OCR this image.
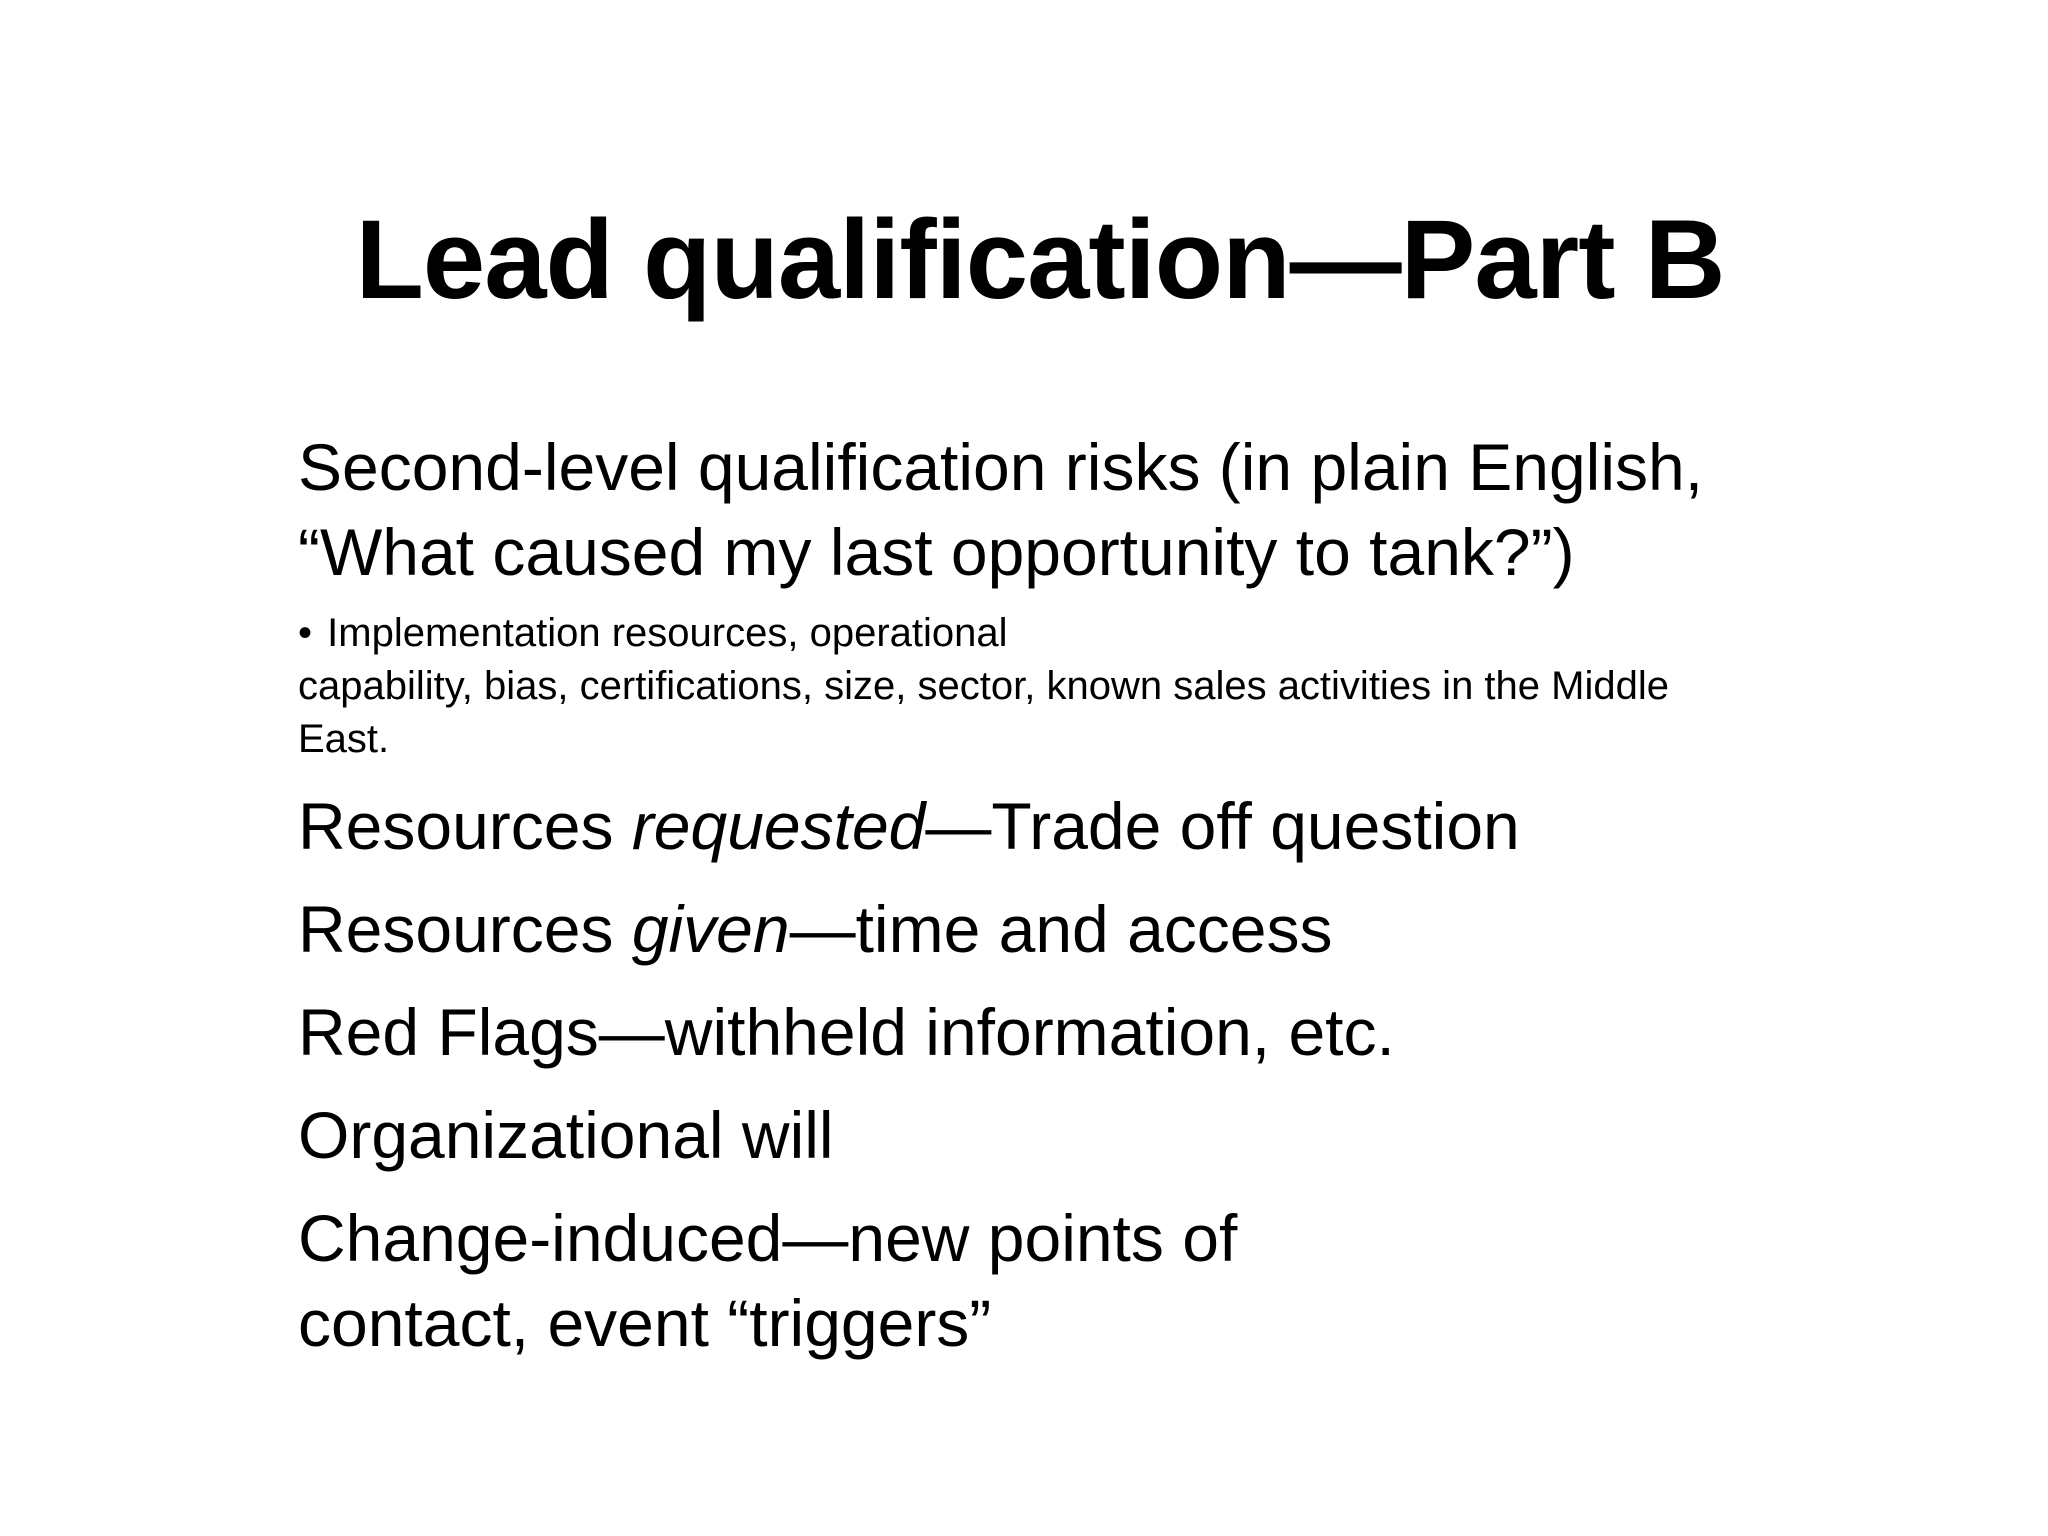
Lead qualification—Part B

Second-level qualification risks (in plain English, “What caused my last opportunity to tank?”)

• Implementation resources, operational
capability, bias, certifications, size, sector, known sales activities in the Middle East.

Resources requested—Trade off question

Resources given—time and access

Red Flags—withheld information, etc.

Organizational will

Change-induced—new points of contact, event “triggers”
